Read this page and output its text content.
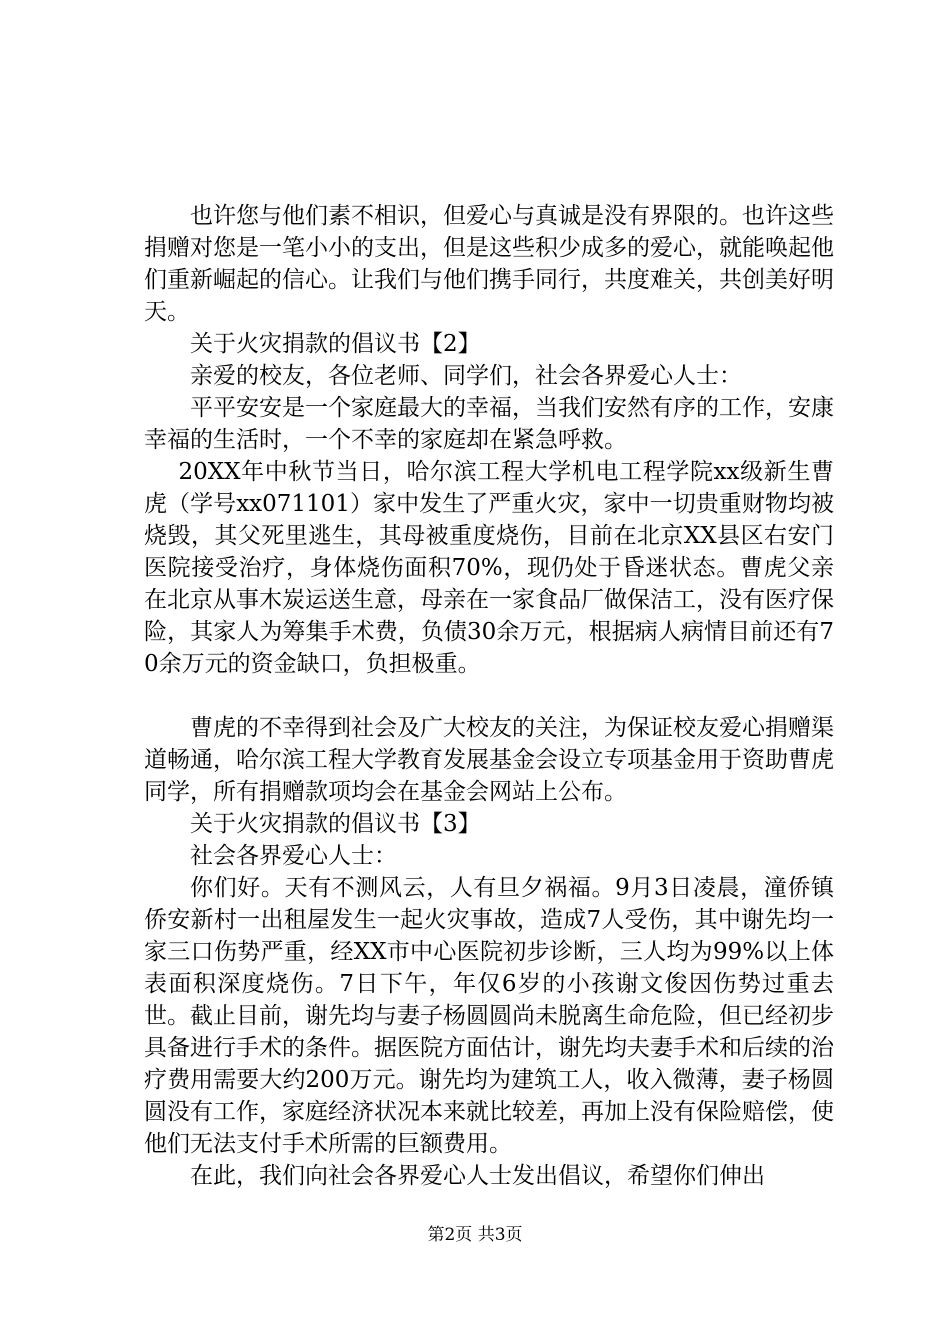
也许您与他们素不相识，但爱心与真诚是没有界限的。也许这些捐赠对您是一笔小小的支出，但是这些积少成多的爱心，就能唤起他们重新崛起的信心。让我们与他们携手同行，共度难关，共创美好明天。

关于火灾捐款的倡议书【2】

亲爱的校友，各位老师、同学们，社会各界爱心人士：

平平安安是一个家庭最大的幸福，当我们安然有序的工作，安康幸福的生活时，一个不幸的家庭却在紧急呼救。

20XX年中秋节当日，哈尔滨工程大学机电工程学院xx级新生曹虎（学号xx071101）家中发生了严重火灾，家中一切贵重财物均被烧毁，其父死里逃生，其母被重度烧伤，目前在北京XX县区右安门医院接受治疗，身体烧伤面积70%，现仍处于昏迷状态。曹虎父亲在北京从事木炭运送生意，母亲在一家食品厂做保洁工，没有医疗保险，其家人为筹集手术费，负债30余万元，根据病人病情目前还有70余万元的资金缺口，负担极重。

曹虎的不幸得到社会及广大校友的关注，为保证校友爱心捐赠渠道畅通，哈尔滨工程大学教育发展基金会设立专项基金用于资助曹虎同学，所有捐赠款项均会在基金会网站上公布。

关于火灾捐款的倡议书【3】

社会各界爱心人士：

你们好。天有不测风云，人有旦夕祸福。9月3日凌晨，潼侨镇侨安新村一出租屋发生一起火灾事故，造成7人受伤，其中谢先均一家三口伤势严重，经XX市中心医院初步诊断，三人均为99%以上体表面积深度烧伤。7日下午，年仅6岁的小孩谢文俊因伤势过重去世。截止目前，谢先均与妻子杨圆圆尚未脱离生命危险，但已经初步具备进行手术的条件。据医院方面估计，谢先均夫妻手术和后续的治疗费用需要大约200万元。谢先均为建筑工人，收入微薄，妻子杨圆圆没有工作，家庭经济状况本来就比较差，再加上没有保险赔偿，使他们无法支付手术所需的巨额费用。

在此，我们向社会各界爱心人士发出倡议，希望你们伸出

第2页 共3页
